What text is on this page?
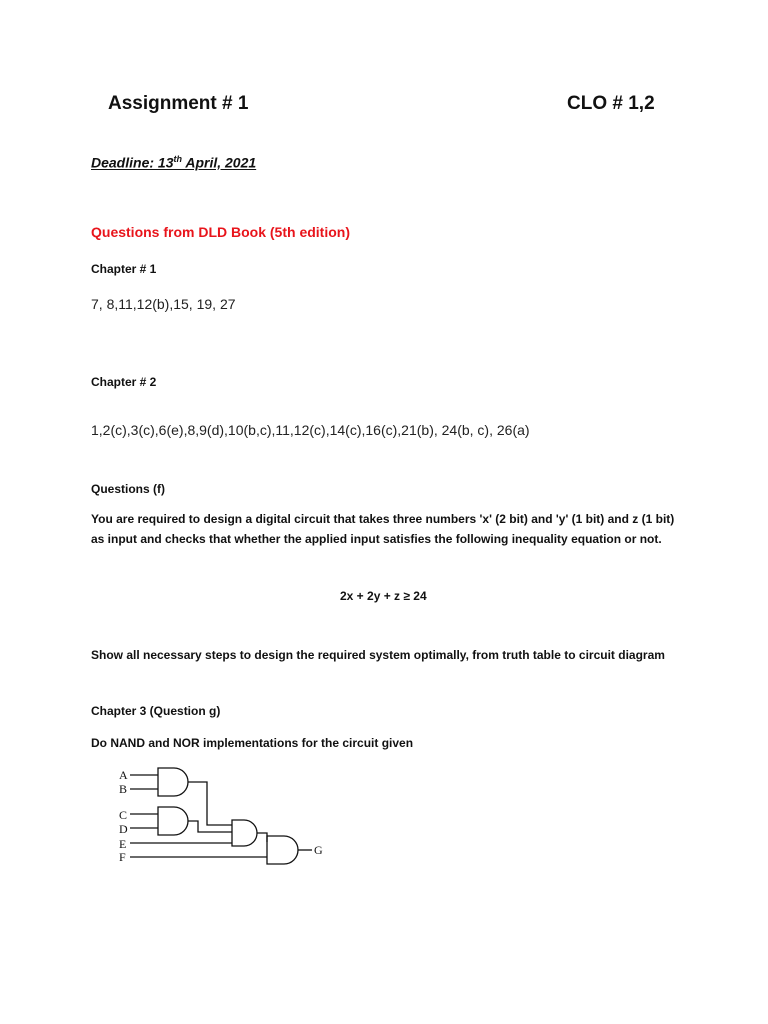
Assignment # 1	CLO # 1,2
Deadline: 13th April, 2021
Questions from DLD Book (5th edition)
Chapter # 1
7, 8,11,12(b),15, 19, 27
Chapter # 2
1,2(c),3(c),6(e),8,9(d),10(b,c),11,12(c),14(c),16(c),21(b), 24(b, c), 26(a)
Questions (f)
You are required to design a digital circuit that takes three numbers 'x' (2 bit) and 'y' (1 bit) and z (1 bit)
as input and checks that whether the applied input satisfies the following inequality equation or not.
2x + 2y + z ≥ 24
Show all necessary steps to design the required system optimally, from truth table to circuit diagram
Chapter 3 (Question g)
Do NAND and NOR implementations for the circuit given
A
B
C
D
E
F	G
